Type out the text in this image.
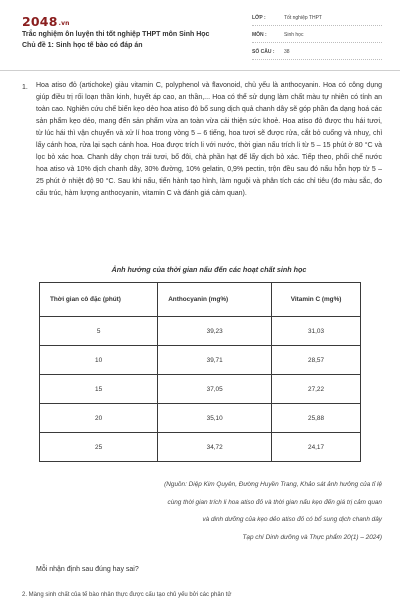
2048.vn
Trắc nghiệm ôn luyện thi tốt nghiệp THPT môn Sinh Học
Chủ đề 1: Sinh học tế bào có đáp án
LỚP :	Tốt nghiệp THPT
MÔN :	Sinh học
SỐ CÂU : 38
1. Hoa atiso đỏ (artichoke) giàu vitamin C, polyphenol và flavonoid, chủ yếu là anthocyanin. Hoa có công dụng giúp điều trị rối loạn thần kinh, huyết áp cao, an thần,... Hoa có thể sử dụng làm chất màu tự nhiên có tính an toàn cao. Nghiên cứu chế biến kẹo dẻo hoa atiso đỏ bổ sung dịch quả chanh dây sẽ góp phần đa dạng hoá các sản phẩm kẹo dẻo, mang đến sản phẩm vừa an toàn vừa cải thiện sức khoẻ. Hoa atiso đỏ được thu hái tươi, từ lúc hái thì vận chuyển và xử lí hoa trong vòng 5 – 6 tiếng, hoa tươi sẽ được rửa, cắt bỏ cuống và nhuỵ, chỉ lấy cánh hoa, rửa lại sạch cánh hoa. Hoa được trích li với nước, thời gian nấu trích li từ 5 – 15 phút ở 80 °C và lọc bỏ xác hoa. Chanh dây chọn trái tươi, bổ đôi, chà phần hạt để lấy dịch bỏ xác. Tiếp theo, phối chế nước hoa atiso và 10% dịch chanh dây, 30% đường, 10% gelatin, 0,9% pectin, trộn đều sau đó nấu hỗn hợp từ 5 – 25 phút ở nhiệt độ 90 °C. Sau khi nấu, tiến hành tạo hình, làm nguội và phân tích các chỉ tiêu (đo màu sắc, đo cấu trúc, hàm lượng anthocyanin, vitamin C và đánh giá cảm quan).

Ảnh hưởng của thời gian nấu đến các hoạt chất sinh học
Thời gian cô đặc (phút)	Anthocyanin (mg%)	Vitamin C (mg%)
5	39,23	31,03
10	39,71	28,57
15	37,05	27,22
20	35,10	25,88
25	34,72	24,17
(Nguồn: Diệp Kim Quyên, Đường Huyền Trang, Khảo sát ảnh hưởng của tỉ lệ
cùng thời gian trích li hoa atiso đỏ và thời gian nấu kẹo đến giá trị cảm quan
và dinh dưỡng của kẹo dẻo atiso đỏ có bổ sung dịch chanh dây
Tạp chí Dinh dưỡng và Thực phẩm 20(1) – 2024)
Mỗi nhận định sau đúng hay sai?
2. Màng sinh chất của tế bào nhân thực được cấu tạo chủ yếu bởi các phân tử
